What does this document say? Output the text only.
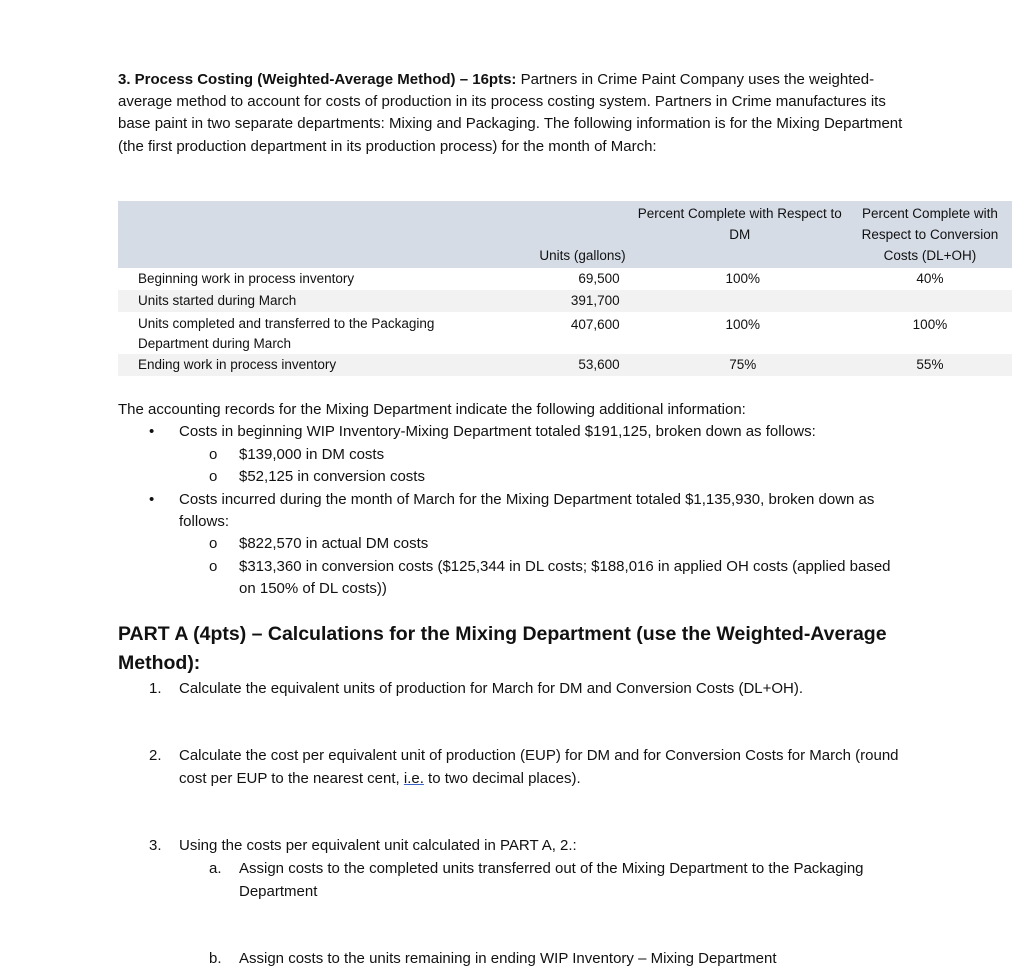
3. Process Costing (Weighted-Average Method) – 16pts: Partners in Crime Paint Company uses the weighted-average method to account for costs of production in its process costing system. Partners in Crime manufactures its base paint in two separate departments: Mixing and Packaging. The following information is for the Mixing Department (the first production department in its production process) for the month of March:
	Units (gallons)	Percent Complete with Respect to DM	Percent Complete with Respect to Conversion Costs (DL+OH)
Beginning work in process inventory	69,500	100%	40%
Units started during March	391,700		
Units completed and transferred to the Packaging Department during March	407,600	100%	100%
Ending work in process inventory	53,600	75%	55%
The accounting records for the Mixing Department indicate the following additional information:
• Costs in beginning WIP Inventory-Mixing Department totaled $191,125, broken down as follows:
o $139,000 in DM costs
o $52,125 in conversion costs
• Costs incurred during the month of March for the Mixing Department totaled $1,135,930, broken down as follows:
o $822,570 in actual DM costs
o $313,360 in conversion costs ($125,344 in DL costs; $188,016 in applied OH costs (applied based on 150% of DL costs))
PART A (4pts) – Calculations for the Mixing Department (use the Weighted-Average Method):
1.	Calculate the equivalent units of production for March for DM and Conversion Costs (DL+OH).
2.	Calculate the cost per equivalent unit of production (EUP) for DM and for Conversion Costs for March (round cost per EUP to the nearest cent, i.e. to two decimal places).
3.	Using the costs per equivalent unit calculated in PART A, 2.:
a.	Assign costs to the completed units transferred out of the Mixing Department to the Packaging Department
b.	Assign costs to the units remaining in ending WIP Inventory – Mixing Department
